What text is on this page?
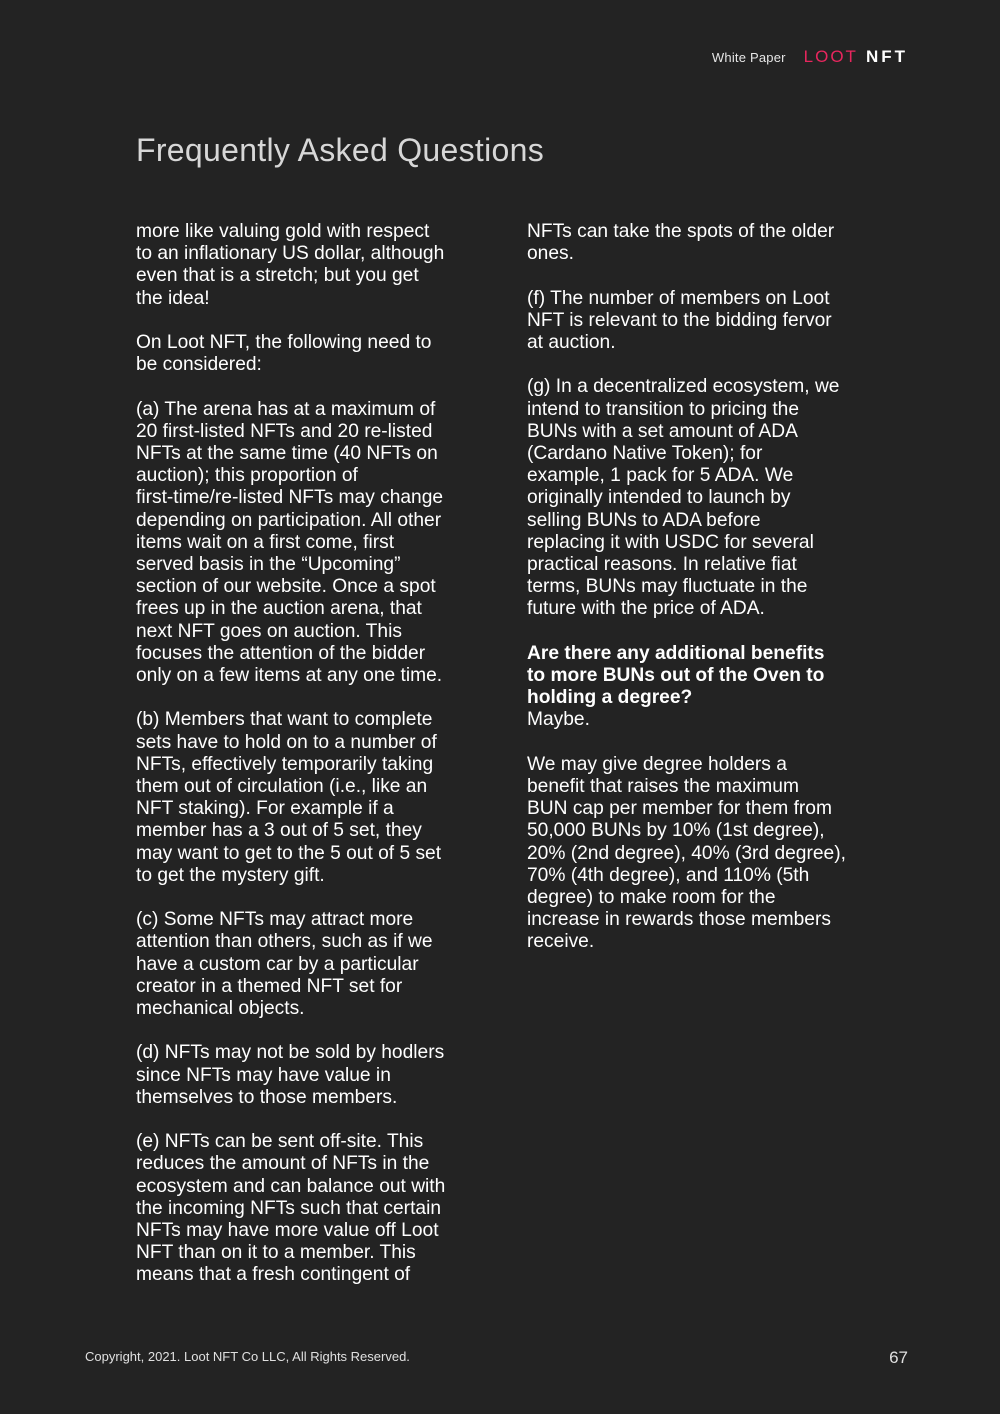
White Paper LOOT NFT
Frequently Asked Questions

more like valuing gold with respect
to an inflationary US dollar, although
even that is a stretch; but you get
the idea!

On Loot NFT, the following need to
be considered:

(a) The arena has at a maximum of
20 first-listed NFTs and 20 re-listed
NFTs at the same time (40 NFTs on
auction); this proportion of
first-time/re-listed NFTs may change
depending on participation. All other
items wait on a first come, first
served basis in the “Upcoming”
section of our website. Once a spot
frees up in the auction arena, that
next NFT goes on auction. This
focuses the attention of the bidder
only on a few items at any one time.

(b) Members that want to complete
sets have to hold on to a number of
NFTs, effectively temporarily taking
them out of circulation (i.e., like an
NFT staking). For example if a
member has a 3 out of 5 set, they
may want to get to the 5 out of 5 set
to get the mystery gift.

(c) Some NFTs may attract more
attention than others, such as if we
have a custom car by a particular
creator in a themed NFT set for
mechanical objects.

(d) NFTs may not be sold by hodlers
since NFTs may have value in
themselves to those members.

(e) NFTs can be sent off-site. This
reduces the amount of NFTs in the
ecosystem and can balance out with
the incoming NFTs such that certain
NFTs may have more value off Loot
NFT than on it to a member. This
means that a fresh contingent of

NFTs can take the spots of the older
ones.

(f) The number of members on Loot
NFT is relevant to the bidding fervor
at auction.

(g) In a decentralized ecosystem, we
intend to transition to pricing the
BUNs with a set amount of ADA
(Cardano Native Token); for
example, 1 pack for 5 ADA. We
originally intended to launch by
selling BUNs to ADA before
replacing it with USDC for several
practical reasons. In relative fiat
terms, BUNs may fluctuate in the
future with the price of ADA.

Are there any additional benefits
to more BUNs out of the Oven to
holding a degree?

Maybe.

We may give degree holders a
benefit that raises the maximum
BUN cap per member for them from
50,000 BUNs by 10% (1st degree),
20% (2nd degree), 40% (3rd degree),
70% (4th degree), and 110% (5th
degree) to make room for the
increase in rewards those members
receive.

Copyright, 2021. Loot NFT Co LLC, All Rights Reserved.	67
